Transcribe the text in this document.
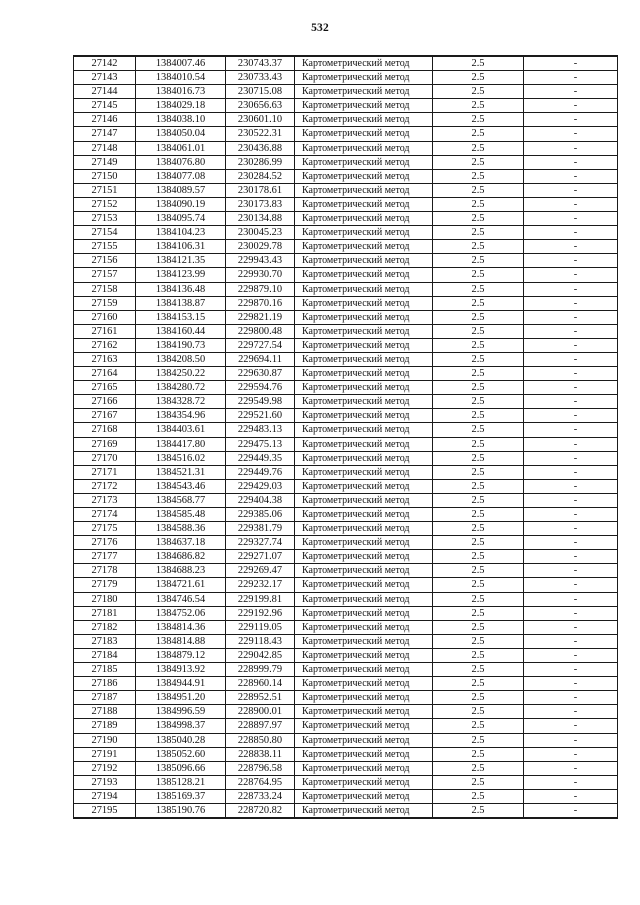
532
27142	1384007.46	230743.37	Картометрический метод	2.5	-
27143	1384010.54	230733.43	Картометрический метод	2.5	-
27144	1384016.73	230715.08	Картометрический метод	2.5	-
27145	1384029.18	230656.63	Картометрический метод	2.5	-
27146	1384038.10	230601.10	Картометрический метод	2.5	-
27147	1384050.04	230522.31	Картометрический метод	2.5	-
27148	1384061.01	230436.88	Картометрический метод	2.5	-
27149	1384076.80	230286.99	Картометрический метод	2.5	-
27150	1384077.08	230284.52	Картометрический метод	2.5	-
27151	1384089.57	230178.61	Картометрический метод	2.5	-
27152	1384090.19	230173.83	Картометрический метод	2.5	-
27153	1384095.74	230134.88	Картометрический метод	2.5	-
27154	1384104.23	230045.23	Картометрический метод	2.5	-
27155	1384106.31	230029.78	Картометрический метод	2.5	-
27156	1384121.35	229943.43	Картометрический метод	2.5	-
27157	1384123.99	229930.70	Картометрический метод	2.5	-
27158	1384136.48	229879.10	Картометрический метод	2.5	-
27159	1384138.87	229870.16	Картометрический метод	2.5	-
27160	1384153.15	229821.19	Картометрический метод	2.5	-
27161	1384160.44	229800.48	Картометрический метод	2.5	-
27162	1384190.73	229727.54	Картометрический метод	2.5	-
27163	1384208.50	229694.11	Картометрический метод	2.5	-
27164	1384250.22	229630.87	Картометрический метод	2.5	-
27165	1384280.72	229594.76	Картометрический метод	2.5	-
27166	1384328.72	229549.98	Картометрический метод	2.5	-
27167	1384354.96	229521.60	Картометрический метод	2.5	-
27168	1384403.61	229483.13	Картометрический метод	2.5	-
27169	1384417.80	229475.13	Картометрический метод	2.5	-
27170	1384516.02	229449.35	Картометрический метод	2.5	-
27171	1384521.31	229449.76	Картометрический метод	2.5	-
27172	1384543.46	229429.03	Картометрический метод	2.5	-
27173	1384568.77	229404.38	Картометрический метод	2.5	-
27174	1384585.48	229385.06	Картометрический метод	2.5	-
27175	1384588.36	229381.79	Картометрический метод	2.5	-
27176	1384637.18	229327.74	Картометрический метод	2.5	-
27177	1384686.82	229271.07	Картометрический метод	2.5	-
27178	1384688.23	229269.47	Картометрический метод	2.5	-
27179	1384721.61	229232.17	Картометрический метод	2.5	-
27180	1384746.54	229199.81	Картометрический метод	2.5	-
27181	1384752.06	229192.96	Картометрический метод	2.5	-
27182	1384814.36	229119.05	Картометрический метод	2.5	-
27183	1384814.88	229118.43	Картометрический метод	2.5	-
27184	1384879.12	229042.85	Картометрический метод	2.5	-
27185	1384913.92	228999.79	Картометрический метод	2.5	-
27186	1384944.91	228960.14	Картометрический метод	2.5	-
27187	1384951.20	228952.51	Картометрический метод	2.5	-
27188	1384996.59	228900.01	Картометрический метод	2.5	-
27189	1384998.37	228897.97	Картометрический метод	2.5	-
27190	1385040.28	228850.80	Картометрический метод	2.5	-
27191	1385052.60	228838.11	Картометрический метод	2.5	-
27192	1385096.66	228796.58	Картометрический метод	2.5	-
27193	1385128.21	228764.95	Картометрический метод	2.5	-
27194	1385169.37	228733.24	Картометрический метод	2.5	-
27195	1385190.76	228720.82	Картометрический метод	2.5	-
